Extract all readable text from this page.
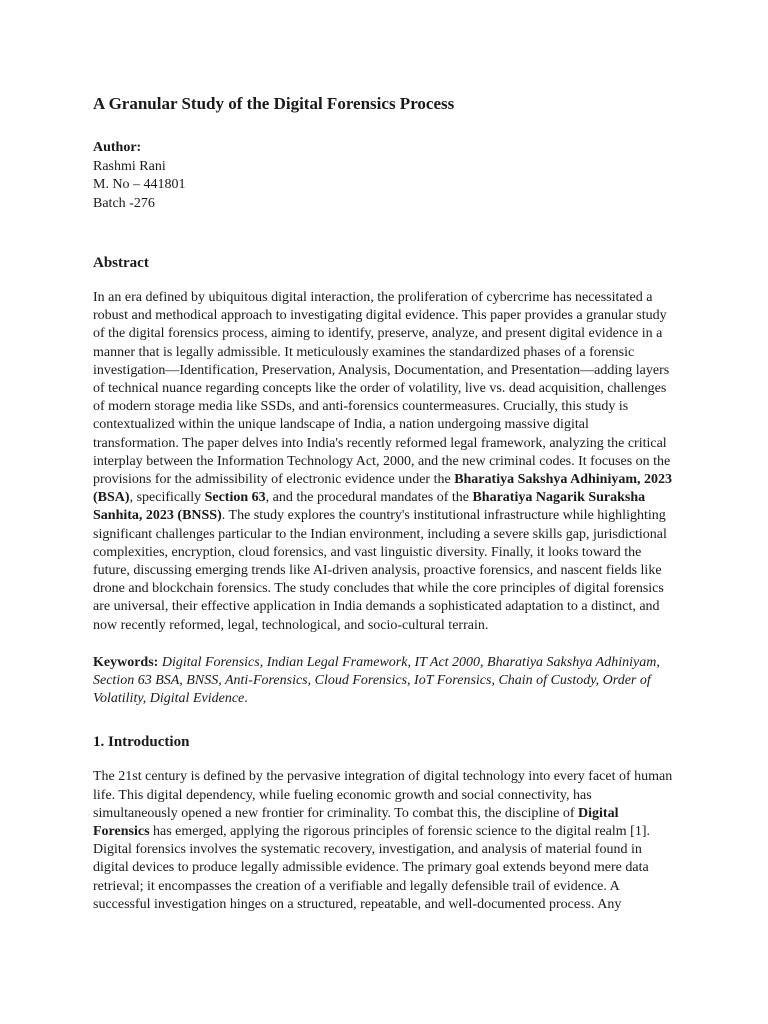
A Granular Study of the Digital Forensics Process
Author:
Rashmi Rani
M. No – 441801
Batch -276
Abstract

In an era defined by ubiquitous digital interaction, the proliferation of cybercrime has necessitated a robust and methodical approach to investigating digital evidence. This paper provides a granular study of the digital forensics process, aiming to identify, preserve, analyze, and present digital evidence in a manner that is legally admissible. It meticulously examines the standardized phases of a forensic investigation—Identification, Preservation, Analysis, Documentation, and Presentation—adding layers of technical nuance regarding concepts like the order of volatility, live vs. dead acquisition, challenges of modern storage media like SSDs, and anti-forensics countermeasures. Crucially, this study is contextualized within the unique landscape of India, a nation undergoing massive digital transformation. The paper delves into India's recently reformed legal framework, analyzing the critical interplay between the Information Technology Act, 2000, and the new criminal codes. It focuses on the provisions for the admissibility of electronic evidence under the Bharatiya Sakshya Adhiniyam, 2023 (BSA), specifically Section 63, and the procedural mandates of the Bharatiya Nagarik Suraksha Sanhita, 2023 (BNSS). The study explores the country's institutional infrastructure while highlighting significant challenges particular to the Indian environment, including a severe skills gap, jurisdictional complexities, encryption, cloud forensics, and vast linguistic diversity. Finally, it looks toward the future, discussing emerging trends like AI-driven analysis, proactive forensics, and nascent fields like drone and blockchain forensics. The study concludes that while the core principles of digital forensics are universal, their effective application in India demands a sophisticated adaptation to a distinct, and now recently reformed, legal, technological, and socio-cultural terrain.

Keywords: Digital Forensics, Indian Legal Framework, IT Act 2000, Bharatiya Sakshya Adhiniyam, Section 63 BSA, BNSS, Anti-Forensics, Cloud Forensics, IoT Forensics, Chain of Custody, Order of Volatility, Digital Evidence.

1. Introduction

The 21st century is defined by the pervasive integration of digital technology into every facet of human life. This digital dependency, while fueling economic growth and social connectivity, has simultaneously opened a new frontier for criminality. To combat this, the discipline of Digital Forensics has emerged, applying the rigorous principles of forensic science to the digital realm [1]. Digital forensics involves the systematic recovery, investigation, and analysis of material found in digital devices to produce legally admissible evidence. The primary goal extends beyond mere data retrieval; it encompasses the creation of a verifiable and legally defensible trail of evidence. A successful investigation hinges on a structured, repeatable, and well-documented process. Any
